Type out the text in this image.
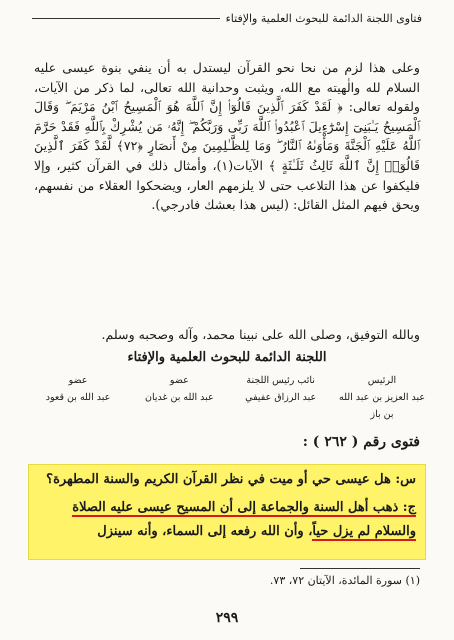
فتاوى اللجنة الدائمة للبحوث العلمية والإفتاء

وعلى هذا لزم من نحا نحو القرآن ليستدل به أن ينفي بنوة عيسى عليه السلام لله والٰهيته مع الله، ويثبت وحدانية الله تعالى، لما ذكر من الآيات، ولقوله تعالى: ﴿ لَقَدْ كَفَرَ ٱلَّذِينَ قَالُوٓا۟ إِنَّ ٱللَّهَ هُوَ ٱلْمَسِيحُ ٱبْنُ مَرْيَمَ ۖ وَقَالَ ٱلْمَسِيحُ يَـٰبَنِىٓ إِسْرَٰٓءِيلَ ٱعْبُدُوا۟ ٱللَّهَ رَبِّى وَرَبَّكُمْ ۖ إِنَّهُۥ مَن يُشْرِكْ بِٱللَّهِ فَقَدْ حَرَّمَ ٱللَّهُ عَلَيْهِ ٱلْجَنَّةَ وَمَأْوَىٰهُ ٱلنَّارُ ۖ وَمَا لِلظَّـٰلِمِينَ مِنْ أَنصَارٍ ﴿٧٢﴾ لَّقَدْ كَفَرَ ٱلَّذِينَ قَالُوٓا۟ إِنَّ ٱللَّهَ ثَالِثُ ثَلَـٰثَةٍ ﴾ الآيات(١)، وأمثال ذلك في القرآن كثير، وإلا فليكفوا عن هذا التلاعب حتى لا يلزمهم العار، ويضحكوا العقلاء من نفسهم، ويحق فيهم المثل القائل: (ليس هذا بعشك فادرجي).

وبالله التوفيق، وصلى الله على نبينا محمد، وآله وصحبه وسلم.
اللجنة الدائمة للبحوث العلمية والإفتاء
الرئيس
عبد العزيز بن عبد الله بن باز
نائب رئيس اللجنة
عبد الرزاق عفيفي
عضو
عبد الله بن غديان
عضو
عبد الله بن قعود
فتوى رقم ( ٢٦٢ ) :
س: هل عيسى حي أو ميت في نظر القرآن الكريم والسنة المطهرة؟
ج: ذهب أهل السنة والجماعة إلى أن المسيح عيسى عليه الصلاة والسلام لم يزل حياً، وأن الله رفعه إلى السماء، وأنه سينزل
(١) سورة المائدة، الآيتان ٧٢، ٧٣.
٢٩٩
